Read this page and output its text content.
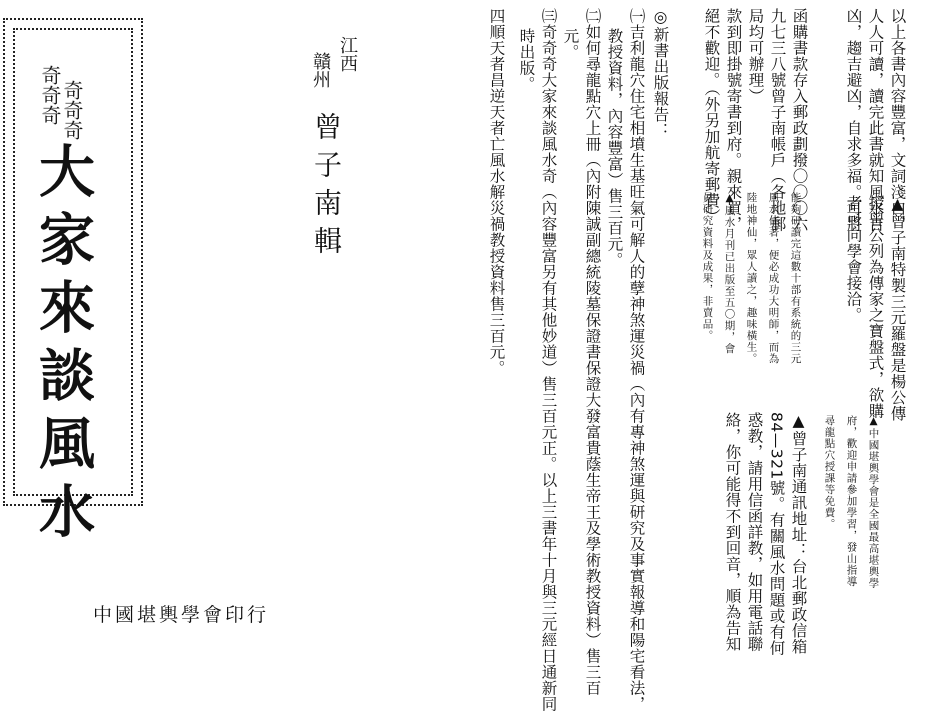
奇奇奇
奇奇奇
大家來談風水
江西
贛州
曾子南輯
中國堪輿學會印行
以上各書內容豐富，文詞淺白，
人人可讀，讀完此書就知風水吉
凶，趨吉避凶，自求多福。可將
函購書款存入郵政劃撥〇〇〇六
九七三八號曾子南帳戶（各地郵
局均可辦理）
款到即掛號寄書到府。親來買，
絕不歡迎。（外另加航寄郵費）
▲曾子南特製三元羅盤是楊公傳
授曾公列為傳家之寶盤式，欲購
者可向學會接洽。
能夠研讀完這數十部有系統的三元
風水佳著，便必成功大明師，而為
陸地神仙，眾人讀之，趣味橫生。
▲風水月刊已出版至五〇期，會
員研究資料及成果，非賣品。
▲中國堪輿學會是全國最高堪輿學
府，歡迎申請參加學習，發山指導
尋龍點穴授課等免費。
▲曾子南通訊地址：台北郵政信箱
84—321號。有關風水問題或有何
惑教，請用信函詳教，如用電話聯
絡，你可能得不到回音，順為告知
◎新書出版報告：
㈠吉利龍穴住宅相墳生基旺氣可解人的孽神煞運災禍（內有專神煞運與研究及事實報導和陽宅看法，
教授資料，內容豐富）售三百元。
㈡如何尋龍點穴上冊（內附陳誠副總統陵墓保證書保證大發富貴蔭生帝王及學術教授資料）售三百
元。
㈢奇奇奇大家來談風水奇（內容豐富另有其他妙道）售三百元正。以上三書年十月與三元經日通新同
時出版。
四順天者昌逆天者亡風水解災禍教授資料售三百元。
